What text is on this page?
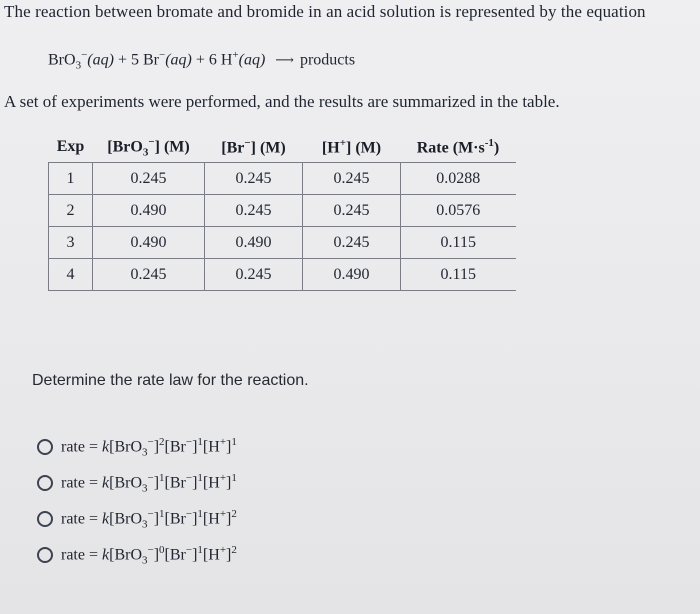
The reaction between bromate and bromide in an acid solution is represented by the equation
BrO$_3$−(aq) + 5 Br−(aq) + 6 H+(aq) ⟶ products
A set of experiments were performed, and the results are summarized in the table.
Exp	[BrO$_3$−] (M)	[Br−] (M)	[H+] (M)	Rate $(M\cdot s^{-1})$
1	0.245	0.245	0.245	0.0288
2	0.490	0.245	0.245	0.0576
3	0.490	0.490	0.245	0.115
4	0.245	0.245	0.490	0.115
Determine the rate law for the reaction.
rate = $k[BrO_3^-]^2[Br^-]^1[H^+]^1$
rate = $k[BrO_3^-]^1[Br^-]^1[H^+]^1$
rate = $k[BrO_3^-]^1[Br^-]^1[H^+]^2$
rate = $k[BrO_3^-]^0[Br^-]^1[H^+]^2$
